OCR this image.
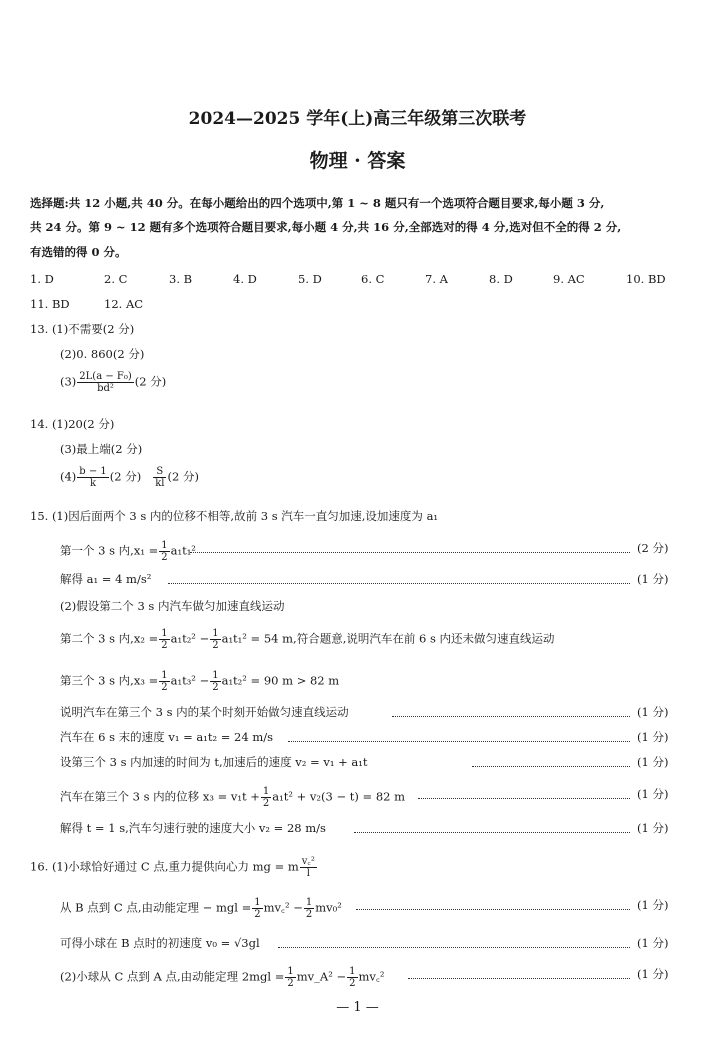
2024—2025 学年(上)高三年级第三次联考
物理 · 答案
选择题:共 12 小题,共 40 分。在每小题给出的四个选项中,第 1 ~ 8 题只有一个选项符合题目要求,每小题 3 分,
共 24 分。第 9 ~ 12 题有多个选项符合题目要求,每小题 4 分,共 16 分,全部选对的得 4 分,选对但不全的得 2 分,
有选错的得 0 分。
1. D	2. C	3. B	4. D	5. D	6. C	7. A	8. D	9. AC	10. BD
11. BD	12. AC
13. (1)不需要(2 分)
(2)0. 860(2 分)
$(3) \frac{\text{2L(a − F₀)}}{\text{bd²}} (2$ 分)
14. (1)20(2 分)
(3)最上端(2 分)
$(4) \frac{b - 1}{k} (2$ 分) $\frac{S}{kl} (2$ 分)
15. (1)因后面两个 3 s 内的位移不相等,故前 3 s 汽车一直匀加速,设加速度为 a₁
第一个 3 s 内$,x_1 = \frac{1}{2} a_1t_1^2$	(2 分)
解得 a₁ = 4 m/s²	(1 分)
(2)假设第二个 3 s 内汽车做匀加速直线运动
第二个 3 s 内$,x_2 = \frac{1}{2} a_1t_2^2 - \frac{1}{2} a_1t_1^2 = 54$ m,符合题意,说明汽车在前 6 s 内还未做匀速直线运动
第三个 3 s 内$,x_3 = \frac{1}{2} a_1t_3^2 - \frac{1}{2} a_1t_2^2 = 90$ m > 82 m
说明汽车在第三个 3 s 内的某个时刻开始做匀速直线运动	(1 分)
汽车在 6 s 末的速度 v₁ = a₁t₂ = 24 m/s	(1 分)
设第三个 3 s 内加速的时间为 t,加速后的速度 v₂ = v₁ + a₁t	(1 分)
汽车在第三个 3 s 内的位移 $x_3 = v_1t + \frac{1}{2} a_1t^2 + v_2(3 - t) = 82$ m	(1 分)
解得 t = 1 s,汽车匀速行驶的速度大小 v₂ = 28 m/s	(1 分)
16. (1)小球恰好通过 C 点,重力提供向心力 mg = m $\frac{\text{v꜀²}}{l}$
从 B 点到 C 点,由动能定理 − mgl = $\frac{1}{2}$ mv꜀² − $\frac{1}{2} mv_0^2$	(1 分)
可得小球在 B 点时的初速度 v₀ = √3gl	(1 分)
(2)小球从 C 点到 A 点,由动能定理 $2mgl = \frac{1}{2}$ mv_A² − $\frac{1}{2}$ mv꜀²	(1 分)
— 1 —
